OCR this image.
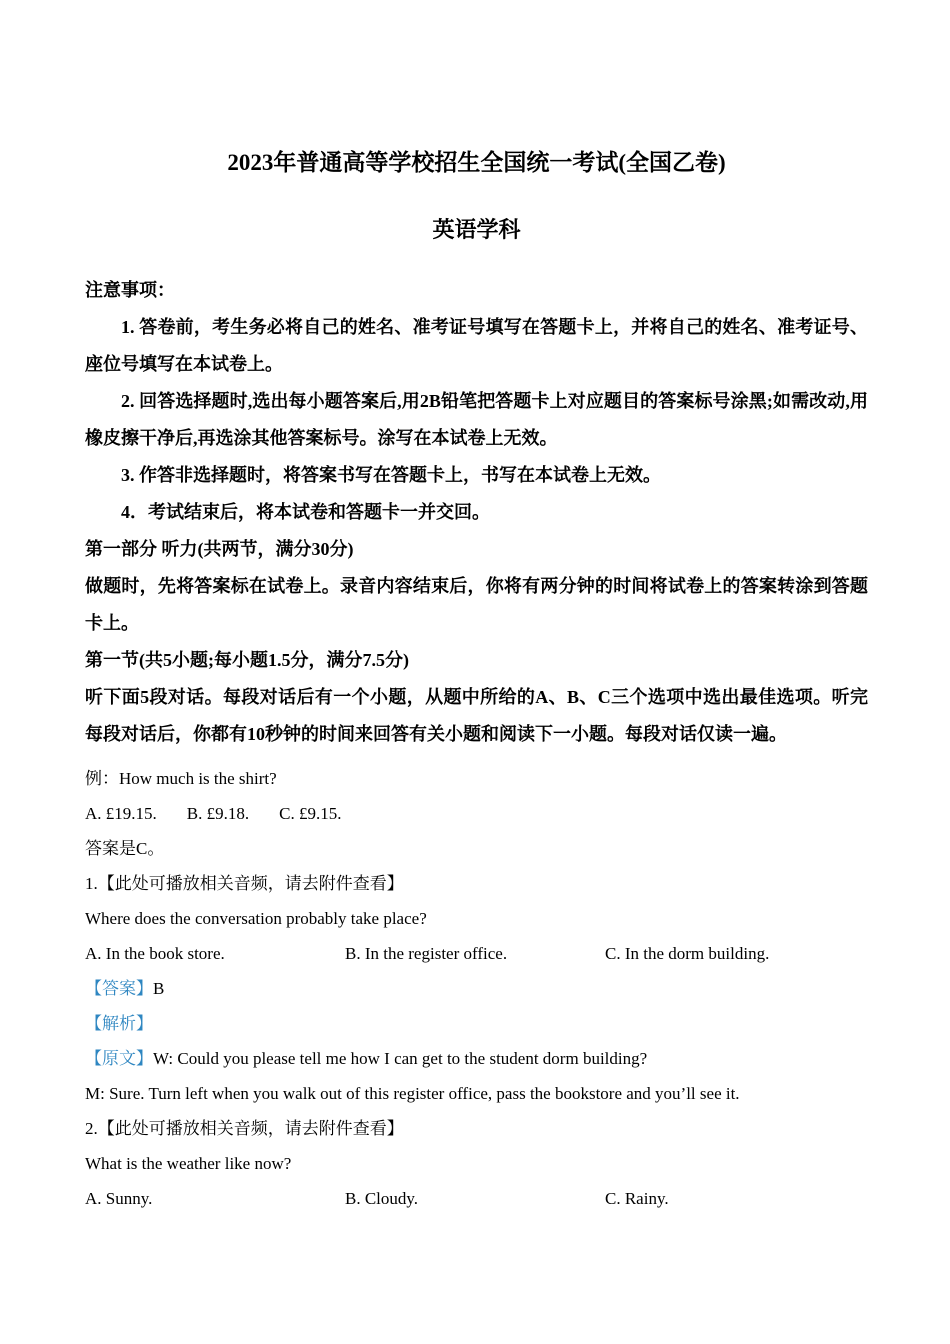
2023年普通高等学校招生全国统一考试(全国乙卷)
英语学科

注意事项：

1. 答卷前，考生务必将自己的姓名、准考证号填写在答题卡上，并将自己的姓名、准考证号、座位号填写在本试卷上。

2. 回答选择题时,选出每小题答案后,用2B铅笔把答题卡上对应题目的答案标号涂黑;如需改动,用橡皮擦干净后,再选涂其他答案标号。涂写在本试卷上无效。

3. 作答非选择题时，将答案书写在答题卡上，书写在本试卷上无效。

4．考试结束后，将本试卷和答题卡一并交回。

第一部分 听力(共两节，满分30分)

做题时，先将答案标在试卷上。录音内容结束后，你将有两分钟的时间将试卷上的答案转涂到答题卡上。

第一节(共5小题;每小题1.5分，满分7.5分)

听下面5段对话。每段对话后有一个小题，从题中所给的A、B、C三个选项中选出最佳选项。听完每段对话后，你都有10秒钟的时间来回答有关小题和阅读下一小题。每段对话仅读一遍。

例：How much is the shirt?

A. £19.15. B. £9.18. C. £9.15.

答案是C。

1.【此处可播放相关音频，请去附件查看】

Where does the conversation probably take place?

A. In the book store.	B. In the register office.	C. In the dorm building.

【答案】B

【解析】

【原文】W: Could you please tell me how I can get to the student dorm building?

M: Sure. Turn left when you walk out of this register office, pass the bookstore and you’ll see it.

2.【此处可播放相关音频，请去附件查看】

What is the weather like now?

A. Sunny.	B. Cloudy.	C. Rainy.
